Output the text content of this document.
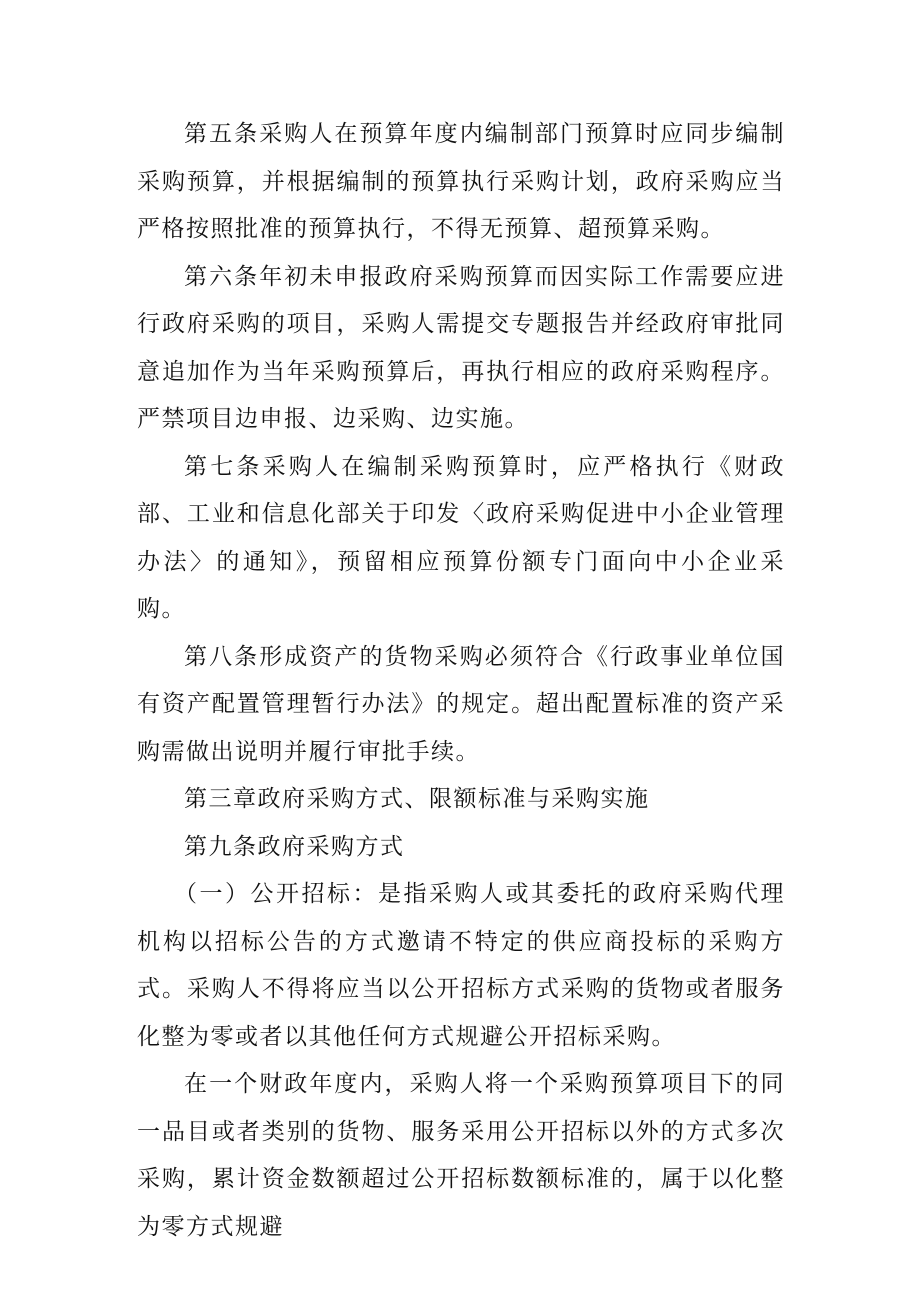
第五条采购人在预算年度内编制部门预算时应同步编制采购预算，并根据编制的预算执行采购计划，政府采购应当严格按照批准的预算执行，不得无预算、超预算采购。

第六条年初未申报政府采购预算而因实际工作需要应进行政府采购的项目，采购人需提交专题报告并经政府审批同意追加作为当年采购预算后，再执行相应的政府采购程序。严禁项目边申报、边采购、边实施。

第七条采购人在编制采购预算时，应严格执行《财政部、工业和信息化部关于印发〈政府采购促进中小企业管理办法〉的通知》，预留相应预算份额专门面向中小企业采购。

第八条形成资产的货物采购必须符合《行政事业单位国有资产配置管理暂行办法》的规定。超出配置标准的资产采购需做出说明并履行审批手续。

第三章政府采购方式、限额标准与采购实施

第九条政府采购方式

（一）公开招标：是指采购人或其委托的政府采购代理机构以招标公告的方式邀请不特定的供应商投标的采购方式。采购人不得将应当以公开招标方式采购的货物或者服务化整为零或者以其他任何方式规避公开招标采购。

在一个财政年度内，采购人将一个采购预算项目下的同一品目或者类别的货物、服务采用公开招标以外的方式多次采购，累计资金数额超过公开招标数额标准的，属于以化整为零方式规避
